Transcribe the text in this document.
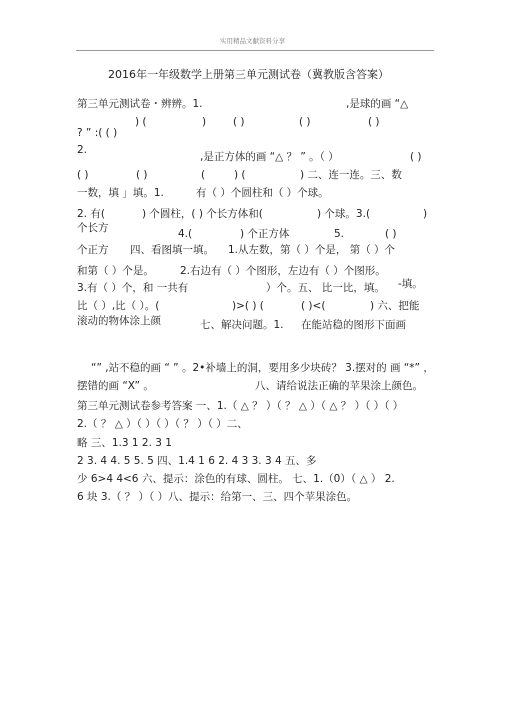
实用精品文献资料分享
2016年一年级数学上册第三单元测试卷（冀教版含答案）
第三单元测试卷・辨辨。1.	,是球的画 “△
) (	)	( )	( )	( )
? ” :( ( )
2.
,是正方体的画 “△ ？ ” 。（ ）	( )
( )	( )	(	) (	) 二、连一连。三、数
一数，填 」填。1.	有（ ）个圆柱和（ ）个球。
2. 有(	) 个圆柱，( ) 个长方体和(	) 个球。3.(	)
个长方	4.(	) 个正方体	5.	( )
个正方 四、看图填一填。 1.从左数，第（ ）个是， 第（ ）个
和第（ ）个是。 2.右边有（ ）个图形，左边有（ ）个图形。
3.有（ ）个，和 一共有	）个。五、 比一比，填。 -填。
比（ ）,比（ ）。(	)>( ) (	( )<(	) 六、把能
滚动的物体涂上颜	七、解决问题。1. 在能站稳的图形下面画
“” ,站不稳的画 “ ” 。2•补墙上的洞，要用多少块砖？ 3.摆对的 画 “*” ，
摆错的画 “X” 。	八、请给说法正确的苹果涂上颜色。
第三单元测试卷参考答案 一、1.（ △ ？ ）（ ？ △ ）（ △ ？ ）（ ）（ ）
2.（ ？ △ ）（ ）（ ）（ ？ ）（ ）二、
略 三、1.3 1 2. 3 1
2 3. 4 4. 5 5. 5 四、1.4 1 6 2. 4 3 3. 3 4 五、多
少 6>4 4<6 六、提示：涂色的有球、圆柱。 七、1.（0）（ △ ） 2.
6 块 3.（ ？ ）（ ）八、提示：给第一、三、四个苹果涂色。
